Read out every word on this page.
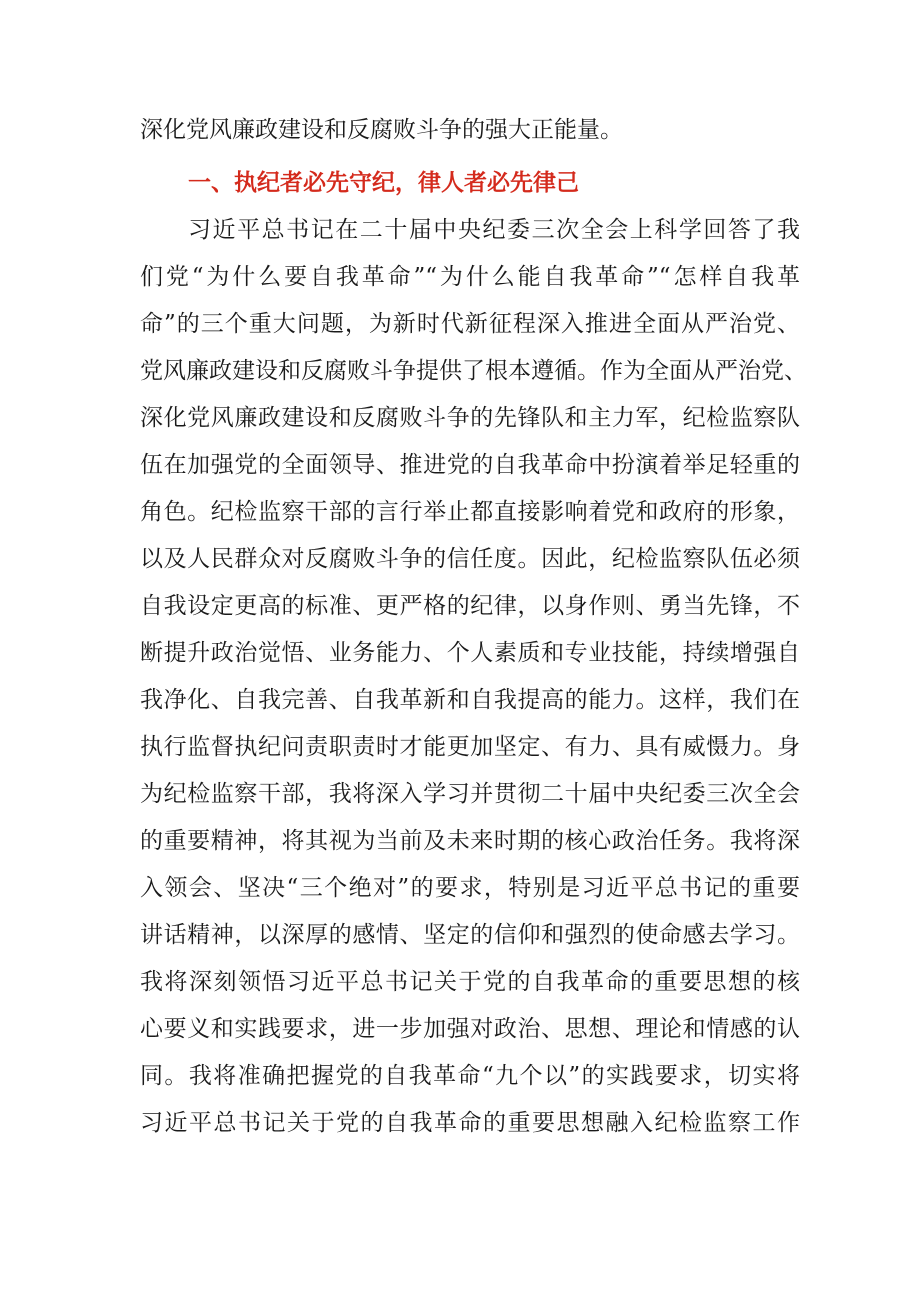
深化党风廉政建设和反腐败斗争的强大正能量。
一、执纪者必先守纪，律人者必先律己
习近平总书记在二十届中央纪委三次全会上科学回答了我
们党“为什么要自我革命”“为什么能自我革命”“怎样自我革
命”的三个重大问题，为新时代新征程深入推进全面从严治党、
党风廉政建设和反腐败斗争提供了根本遵循。作为全面从严治党、
深化党风廉政建设和反腐败斗争的先锋队和主力军，纪检监察队
伍在加强党的全面领导、推进党的自我革命中扮演着举足轻重的
角色。纪检监察干部的言行举止都直接影响着党和政府的形象，
以及人民群众对反腐败斗争的信任度。因此，纪检监察队伍必须
自我设定更高的标准、更严格的纪律，以身作则、勇当先锋，不
断提升政治觉悟、业务能力、个人素质和专业技能，持续增强自
我净化、自我完善、自我革新和自我提高的能力。这样，我们在
执行监督执纪问责职责时才能更加坚定、有力、具有威慑力。身
为纪检监察干部，我将深入学习并贯彻二十届中央纪委三次全会
的重要精神，将其视为当前及未来时期的核心政治任务。我将深
入领会、坚决“三个绝对”的要求，特别是习近平总书记的重要
讲话精神，以深厚的感情、坚定的信仰和强烈的使命感去学习。
我将深刻领悟习近平总书记关于党的自我革命的重要思想的核
心要义和实践要求，进一步加强对政治、思想、理论和情感的认
同。我将准确把握党的自我革命“九个以”的实践要求，切实将
习近平总书记关于党的自我革命的重要思想融入纪检监察工作
